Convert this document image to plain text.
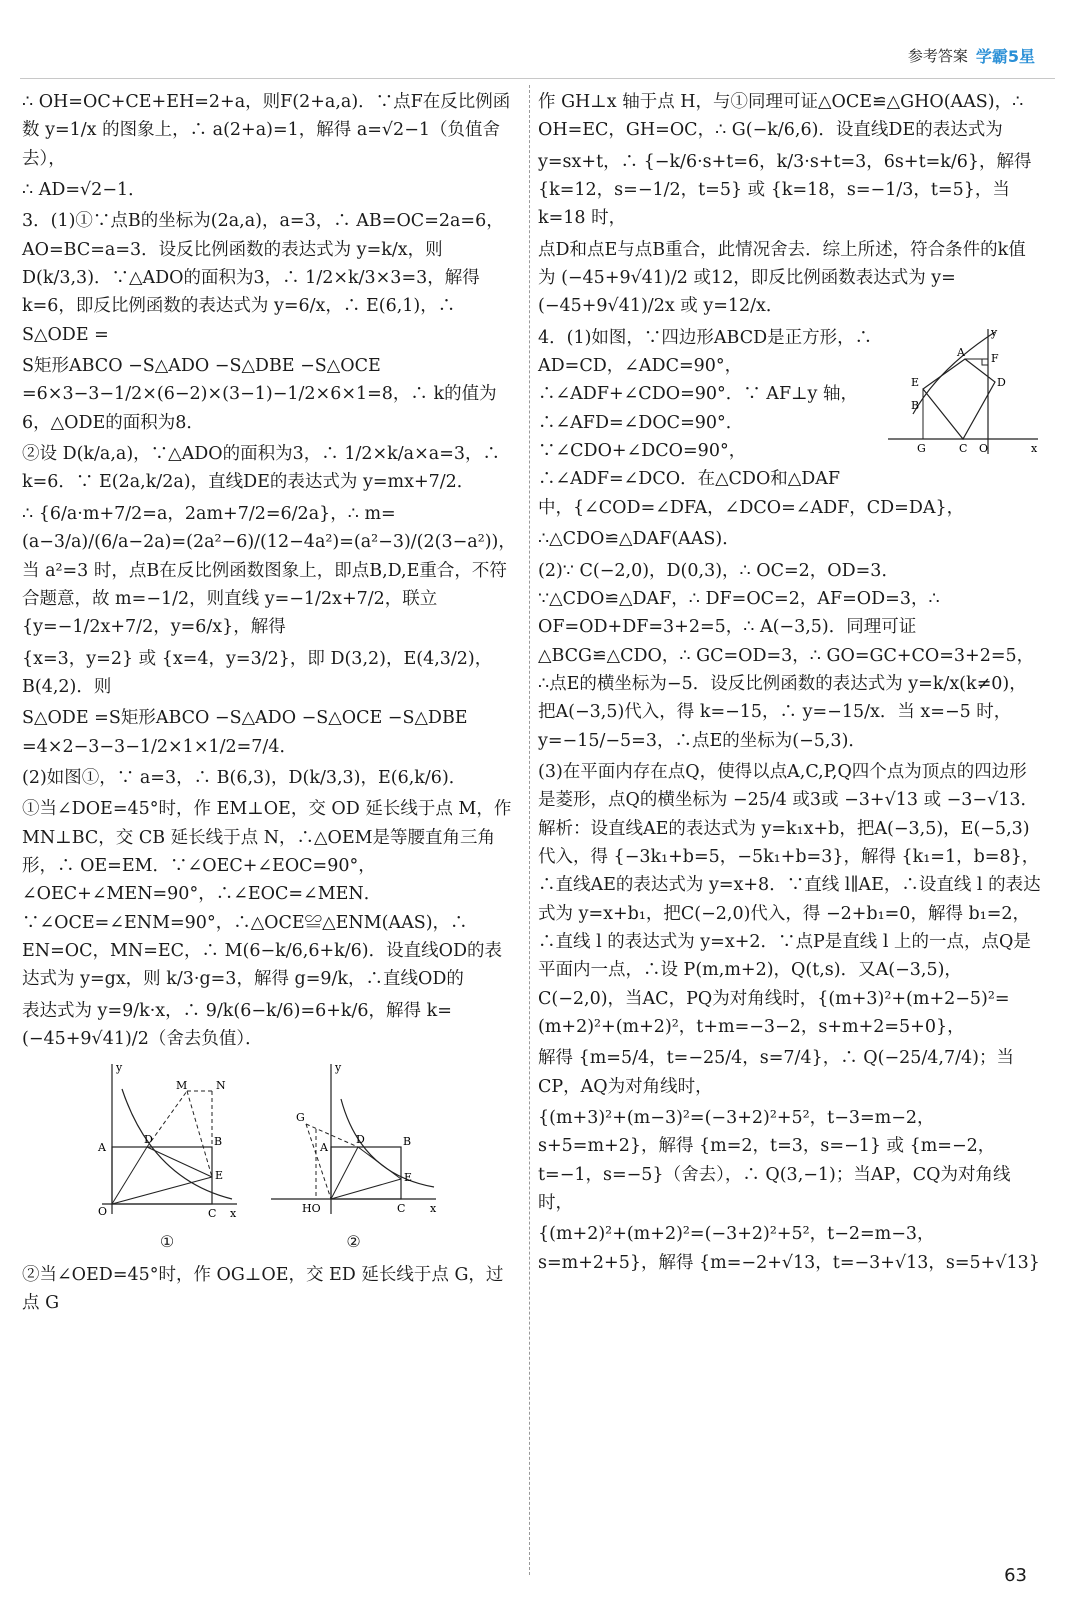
参考答案 学霸5星

∴ OH=OC+CE+EH=2+a，则F(2+a,a)．∵点F在反比例函数 y=1/x 的图象上，∴ a(2+a)=1，解得 a=√2−1（负值舍去），

∴ AD=√2−1．

3．(1)①∵点B的坐标为(2a,a)，a=3，∴ AB=OC=2a=6，AO=BC=a=3．设反比例函数的表达式为 y=k/x，则 D(k/3,3)．∵△ADO的面积为3，∴ 1/2×k/3×3=3，解得 k=6，即反比例函数的表达式为 y=6/x，∴ E(6,1)，∴ S△ODE =

S矩形ABCO −S△ADO −S△DBE −S△OCE =6×3−3−1/2×(6−2)×(3−1)−1/2×6×1=8，∴ k的值为6，△ODE的面积为8．

②设 D(k/a,a)，∵△ADO的面积为3，∴ 1/2×k/a×a=3，∴ k=6．∵ E(2a,k/2a)，直线DE的表达式为 y=mx+7/2．

∴ {6/a·m+7/2=a，2am+7/2=6/2a}，∴ m=(a−3/a)/(6/a−2a)=(2a²−6)/(12−4a²)=(a²−3)/(2(3−a²))，当 a²=3 时，点B在反比例函数图象上，即点B,D,E重合，不符合题意，故 m=−1/2，则直线 y=−1/2x+7/2，联立 {y=−1/2x+7/2，y=6/x}，解得

{x=3，y=2} 或 {x=4，y=3/2}，即 D(3,2)，E(4,3/2)，B(4,2)．则

S△ODE =S矩形ABCO −S△ADO −S△OCE −S△DBE =4×2−3−3−1/2×1×1/2=7/4．

(2)如图①，∵ a=3，∴ B(6,3)，D(k/3,3)，E(6,k/6)．

①当∠DOE=45°时，作 EM⊥OE，交 OD 延长线于点 M，作 MN⊥BC，交 CB 延长线于点 N，∴△OEM是等腰直角三角形，∴ OE=EM．∵∠OEC+∠EOC=90°，∠OEC+∠MEN=90°，∴∠EOC=∠MEN．∵∠OCE=∠ENM=90°，∴△OCE≌△ENM(AAS)，∴ EN=OC，MN=EC，∴ M(6−k/6,6+k/6)．设直线OD的表达式为 y=gx，则 k/3·g=3，解得 g=9/k，∴直线OD的

表达式为 y=9/k·x，∴ 9/k(6−k/6)=6+k/6，解得 k=(−45+9√41)/2（舍去负值）．

y
x
O
A	B
C
D
E
M	N
①
y
x
HO
G
A	B
C
D
E
②

②当∠OED=45°时，作 OG⊥OE，交 ED 延长线于点 G，过点 G

作 GH⊥x 轴于点 H，与①同理可证△OCE≌△GHO(AAS)，∴ OH=EC，GH=OC，∴ G(−k/6,6)．设直线DE的表达式为

y=sx+t，∴ {−k/6·s+t=6，k/3·s+t=3，6s+t=k/6}，解得 {k=12，s=−1/2，t=5} 或 {k=18，s=−1/3，t=5}，当 k=18 时，

点D和点E与点B重合，此情况舍去．综上所述，符合条件的k值为 (−45+9√41)/2 或12，即反比例函数表达式为 y=(−45+9√41)/2x 或 y=12/x．

y
x
A
B
C
D
E
F
G	O

4．(1)如图，∵四边形ABCD是正方形，∴ AD=CD，∠ADC=90°，∴∠ADF+∠CDO=90°．∵ AF⊥y 轴，∴∠AFD=∠DOC=90°．∵∠CDO+∠DCO=90°，∴∠ADF=∠DCO．在△CDO和△DAF中，{∠COD=∠DFA，∠DCO=∠ADF，CD=DA}，

∴△CDO≌△DAF(AAS)．

(2)∵ C(−2,0)，D(0,3)，∴ OC=2，OD=3．∵△CDO≌△DAF，∴ DF=OC=2，AF=OD=3，∴ OF=OD+DF=3+2=5，∴ A(−3,5)．同理可证△BCG≌△CDO，∴ GC=OD=3，∴ GO=GC+CO=3+2=5，∴点E的横坐标为−5．设反比例函数的表达式为 y=k/x(k≠0)，把A(−3,5)代入，得 k=−15，∴ y=−15/x．当 x=−5 时，y=−15/−5=3，∴点E的坐标为(−5,3)．

(3)在平面内存在点Q，使得以点A,C,P,Q四个点为顶点的四边形是菱形，点Q的横坐标为 −25/4 或3或 −3+√13 或 −3−√13．解析：设直线AE的表达式为 y=k₁x+b，把A(−3,5)，E(−5,3)代入，得 {−3k₁+b=5，−5k₁+b=3}，解得 {k₁=1，b=8}，∴直线AE的表达式为 y=x+8．∵直线 l∥AE，∴设直线 l 的表达式为 y=x+b₁，把C(−2,0)代入，得 −2+b₁=0，解得 b₁=2，∴直线 l 的表达式为 y=x+2．∵点P是直线 l 上的一点，点Q是平面内一点，∴设 P(m,m+2)，Q(t,s)．又A(−3,5)，C(−2,0)，当AC，PQ为对角线时，{(m+3)²+(m+2−5)²=(m+2)²+(m+2)²，t+m=−3−2，s+m+2=5+0}，

解得 {m=5/4，t=−25/4，s=7/4}，∴ Q(−25/4,7/4)；当CP，AQ为对角线时，

{(m+3)²+(m−3)²=(−3+2)²+5²，t−3=m−2，s+5=m+2}，解得 {m=2，t=3，s=−1} 或 {m=−2，t=−1，s=−5}（舍去），∴ Q(3,−1)；当AP，CQ为对角线时，

{(m+2)²+(m+2)²=(−3+2)²+5²，t−2=m−3，s=m+2+5}，解得 {m=−2+√13，t=−3+√13，s=5+√13}

63
